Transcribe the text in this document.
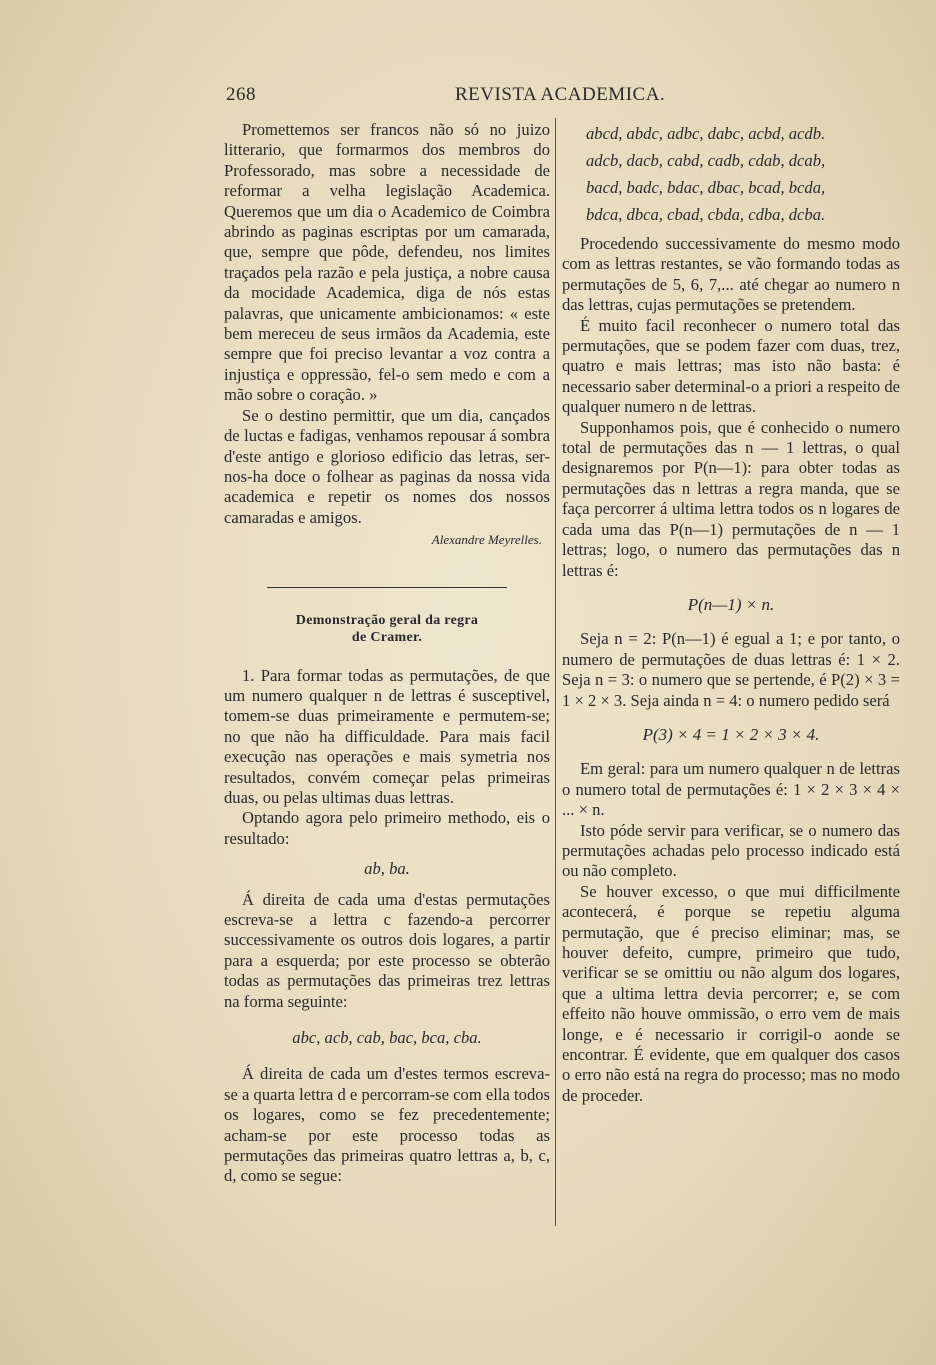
268	REVISTA ACADEMICA.

Promettemos ser francos não só no juizo litterario, que formarmos dos membros do Professorado, mas sobre a necessidade de reformar a velha legislação Academica. Queremos que um dia o Academico de Coimbra abrindo as paginas escriptas por um camarada, que, sempre que pôde, defendeu, nos limites traçados pela razão e pela justiça, a nobre causa da mocidade Academica, diga de nós estas palavras, que unicamente ambicionamos: « este bem mereceu de seus irmãos da Academia, este sempre que foi preciso levantar a voz contra a injustiça e oppressão, fel-o sem medo e com a mão sobre o coração. »

Se o destino permittir, que um dia, cançados de luctas e fadigas, venhamos repousar á sombra d'este antigo e glorioso edificio das letras, ser-nos-ha doce o folhear as paginas da nossa vida academica e repetir os nomes dos nossos camaradas e amigos.

Alexandre Meyrelles.

Demonstração geral da regra
de Cramer.

1. Para formar todas as permutações, de que um numero qualquer n de lettras é susceptivel, tomem-se duas primeiramente e permutem-se; no que não ha difficuldade. Para mais facil execução nas operações e mais symetria nos resultados, convém começar pelas primeiras duas, ou pelas ultimas duas lettras.

Optando agora pelo primeiro methodo, eis o resultado:

ab, ba.

Á direita de cada uma d'estas permutações escreva-se a lettra c fazendo-a percorrer successivamente os outros dois logares, a partir para a esquerda; por este processo se obterão todas as permutações das primeiras trez lettras na forma seguinte:

abc, acb, cab, bac, bca, cba.

Á direita de cada um d'estes termos escreva-se a quarta lettra d e percorram-se com ella todos os logares, como se fez precedentemente; acham-se por este processo todas as permutações das primeiras quatro lettras a, b, c, d, como se segue:

abcd, abdc, adbc, dabc, acbd, acdb.
adcb, dacb, cabd, cadb, cdab, dcab,
bacd, badc, bdac, dbac, bcad, bcda,
bdca, dbca, cbad, cbda, cdba, dcba.

Procedendo successivamente do mesmo modo com as lettras restantes, se vão formando todas as permutações de 5, 6, 7,... até chegar ao numero n das lettras, cujas permutações se pretendem.

É muito facil reconhecer o numero total das permutações, que se podem fazer com duas, trez, quatro e mais lettras; mas isto não basta: é necessario saber determinal-o a priori a respeito de qualquer numero n de lettras.

Supponhamos pois, que é conhecido o numero total de permutações das n — 1 lettras, o qual designaremos por P(n—1): para obter todas as permutações das n lettras a regra manda, que se faça percorrer á ultima lettra todos os n logares de cada uma das P(n—1) permutações de n — 1 lettras; logo, o numero das permutações das n lettras é:

P(n—1) × n.

Seja n = 2: P(n—1) é egual a 1; e por tanto, o numero de permutações de duas lettras é: 1 × 2. Seja n = 3: o numero que se pertende, é P(2) × 3 = 1 × 2 × 3. Seja ainda n = 4: o numero pedido será

P(3) × 4 = 1 × 2 × 3 × 4.

Em geral: para um numero qualquer n de lettras o numero total de permutações é: 1 × 2 × 3 × 4 × ... × n.

Isto póde servir para verificar, se o numero das permutações achadas pelo processo indicado está ou não completo.

Se houver excesso, o que mui difficilmente acontecerá, é porque se repetiu alguma permutação, que é preciso eliminar; mas, se houver defeito, cumpre, primeiro que tudo, verificar se se omittiu ou não algum dos logares, que a ultima lettra devia percorrer; e, se com effeito não houve ommissão, o erro vem de mais longe, e é necessario ir corrigil-o aonde se encontrar. É evidente, que em qualquer dos casos o erro não está na regra do processo; mas no modo de proceder.
